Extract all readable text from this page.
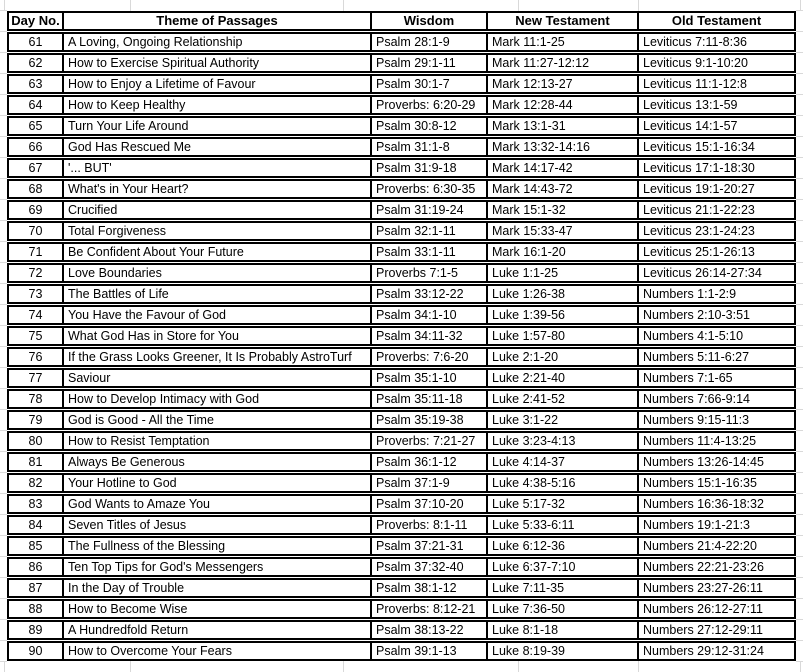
Day No.	Theme of Passages	Wisdom	New Testament	Old Testament
61	A Loving, Ongoing Relationship	Psalm 28:1-9	Mark 11:1-25	Leviticus 7:11-8:36
62	How to Exercise Spiritual Authority	Psalm 29:1-11	Mark 11:27-12:12	Leviticus 9:1-10:20
63	How to Enjoy a Lifetime of Favour	Psalm 30:1-7	Mark 12:13-27	Leviticus 11:1-12:8
64	How to Keep Healthy	Proverbs: 6:20-29	Mark 12:28-44	Leviticus 13:1-59
65	Turn Your Life Around	Psalm 30:8-12	Mark 13:1-31	Leviticus 14:1-57
66	God Has Rescued Me	Psalm 31:1-8	Mark 13:32-14:16	Leviticus 15:1-16:34
67	'... BUT'	Psalm 31:9-18	Mark 14:17-42	Leviticus 17:1-18:30
68	What's in Your Heart?	Proverbs: 6:30-35	Mark 14:43-72	Leviticus 19:1-20:27
69	Crucified	Psalm 31:19-24	Mark 15:1-32	Leviticus 21:1-22:23
70	Total Forgiveness	Psalm 32:1-11	Mark 15:33-47	Leviticus 23:1-24:23
71	Be Confident About Your Future	Psalm 33:1-11	Mark 16:1-20	Leviticus 25:1-26:13
72	Love Boundaries	Proverbs 7:1-5	Luke 1:1-25	Leviticus 26:14-27:34
73	The Battles of Life	Psalm 33:12-22	Luke 1:26-38	Numbers 1:1-2:9
74	You Have the Favour of God	Psalm 34:1-10	Luke 1:39-56	Numbers 2:10-3:51
75	What God Has in Store for You	Psalm 34:11-32	Luke 1:57-80	Numbers 4:1-5:10
76	If the Grass Looks Greener, It Is Probably AstroTurf	Proverbs: 7:6-20	Luke 2:1-20	Numbers 5:11-6:27
77	Saviour	Psalm 35:1-10	Luke 2:21-40	Numbers 7:1-65
78	How to Develop Intimacy with God	Psalm 35:11-18	Luke 2:41-52	Numbers 7:66-9:14
79	God is Good - All the Time	Psalm 35:19-38	Luke 3:1-22	Numbers 9:15-11:3
80	How to Resist Temptation	Proverbs: 7:21-27	Luke 3:23-4:13	Numbers 11:4-13:25
81	Always Be Generous	Psalm 36:1-12	Luke 4:14-37	Numbers 13:26-14:45
82	Your Hotline to God	Psalm 37:1-9	Luke 4:38-5:16	Numbers 15:1-16:35
83	God Wants to Amaze You	Psalm 37:10-20	Luke 5:17-32	Numbers 16:36-18:32
84	Seven Titles of Jesus	Proverbs: 8:1-11	Luke 5:33-6:11	Numbers 19:1-21:3
85	The Fullness of the Blessing	Psalm 37:21-31	Luke 6:12-36	Numbers 21:4-22:20
86	Ten Top Tips for God's Messengers	Psalm 37:32-40	Luke 6:37-7:10	Numbers 22:21-23:26
87	In the Day of Trouble	Psalm 38:1-12	Luke 7:11-35	Numbers 23:27-26:11
88	How to Become Wise	Proverbs: 8:12-21	Luke 7:36-50	Numbers 26:12-27:11
89	A Hundredfold Return	Psalm 38:13-22	Luke 8:1-18	Numbers 27:12-29:11
90	How to Overcome Your Fears	Psalm 39:1-13	Luke 8:19-39	Numbers 29:12-31:24
